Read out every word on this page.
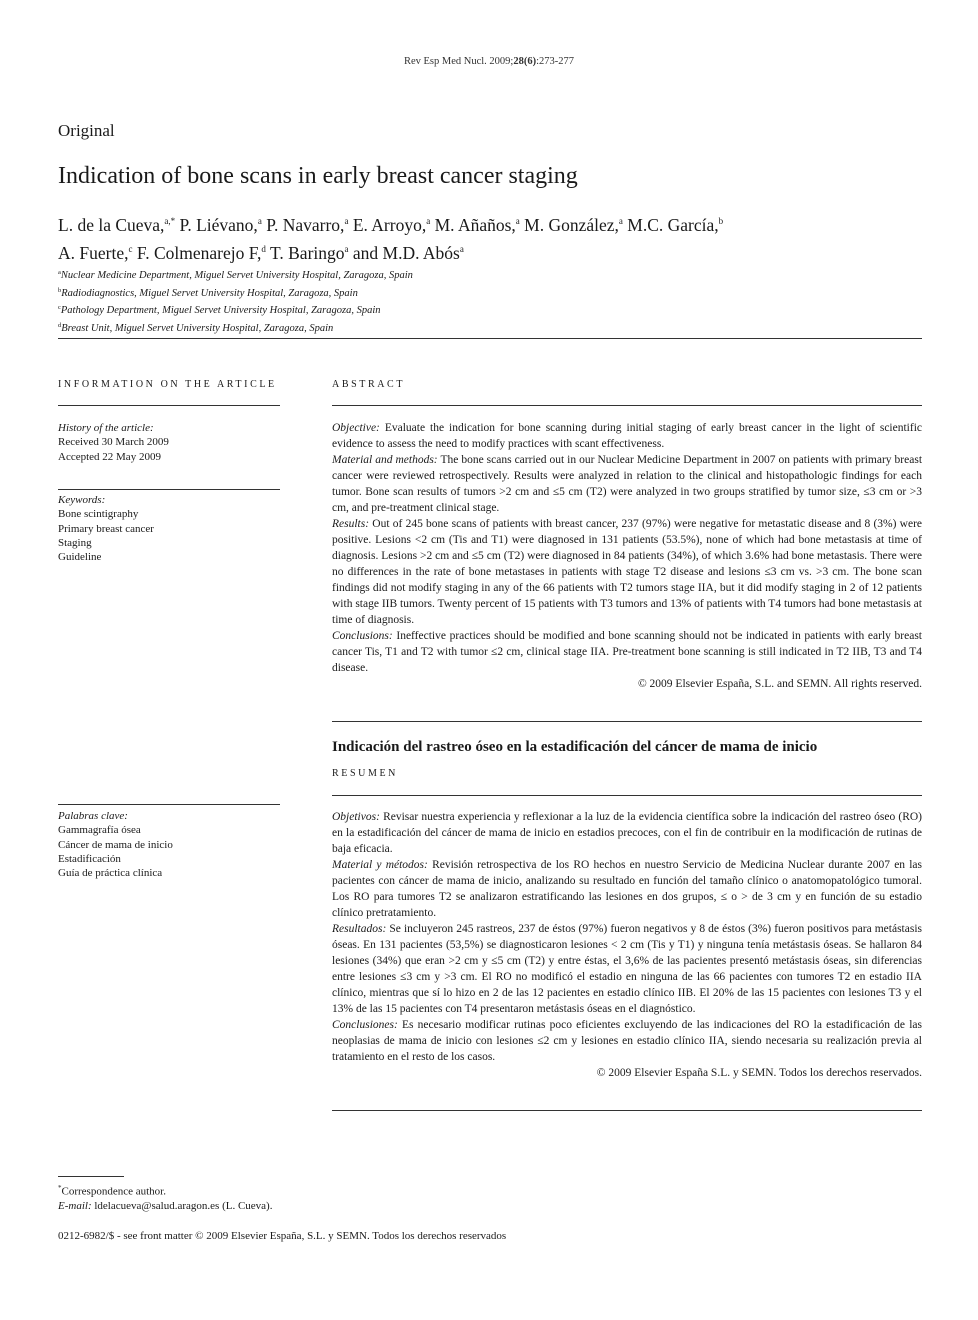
Rev Esp Med Nucl. 2009;28(6):273-277
Original
Indication of bone scans in early breast cancer staging
L. de la Cueva,$^{a,*}$ P. Liévano,$^a$ P. Navarro,$^a$ E. Arroyo,$^a$ M. Añaños,$^a$ M. González,$^a$ M.C. García,$^b$
A. Fuerte,$^c$ F. Colmenarejo F,$^d$ T. Baringo$^a$ and M.D. Abós$^a$
$^a$Nuclear Medicine Department, Miguel Servet University Hospital, Zaragoza, Spain
$^b$Radiodiagnostics, Miguel Servet University Hospital, Zaragoza, Spain
$^c$Pathology Department, Miguel Servet University Hospital, Zaragoza, Spain
$^d$Breast Unit, Miguel Servet University Hospital, Zaragoza, Spain
INFORMATION ON THE ARTICLE

History of the article:

Received 30 March 2009

Accepted 22 May 2009

Keywords:

Bone scintigraphy
Primary breast cancer
Staging
Guideline

Palabras clave:

Gammagrafía ósea
Cáncer de mama de inicio
Estadificación
Guía de práctica clínica
ABSTRACT

Objective: Evaluate the indication for bone scanning during initial staging of early breast cancer in the light of scientific evidence to assess the need to modify practices with scant effectiveness.

Material and methods: The bone scans carried out in our Nuclear Medicine Department in 2007 on patients with primary breast cancer were reviewed retrospectively. Results were analyzed in relation to the clinical and histopathologic findings for each tumor. Bone scan results of tumors >2 cm and ≤5 cm (T2) were analyzed in two groups stratified by tumor size, ≤3 cm or >3 cm, and pre-treatment clinical stage.

Results: Out of 245 bone scans of patients with breast cancer, 237 (97%) were negative for metastatic disease and 8 (3%) were positive. Lesions <2 cm (Tis and T1) were diagnosed in 131 patients (53.5%), none of which had bone metastasis at time of diagnosis. Lesions >2 cm and ≤5 cm (T2) were diagnosed in 84 patients (34%), of which 3.6% had bone metastasis. There were no differences in the rate of bone metastases in patients with stage T2 disease and lesions ≤3 cm vs. >3 cm. The bone scan findings did not modify staging in any of the 66 patients with T2 tumors stage IIA, but it did modify staging in 2 of 12 patients with stage IIB tumors. Twenty percent of 15 patients with T3 tumors and 13% of patients with T4 tumors had bone metastasis at time of diagnosis.

Conclusions: Ineffective practices should be modified and bone scanning should not be indicated in patients with early breast cancer Tis, T1 and T2 with tumor ≤2 cm, clinical stage IIA. Pre-treatment bone scanning is still indicated in T2 IIB, T3 and T4 disease.

© 2009 Elsevier España, S.L. and SEMN. All rights reserved.

Indicación del rastreo óseo en la estadificación del cáncer de mama de inicio
RESUMEN

Objetivos: Revisar nuestra experiencia y reflexionar a la luz de la evidencia científica sobre la indicación del rastreo óseo (RO) en la estadificación del cáncer de mama de inicio en estadios precoces, con el fin de contribuir en la modificación de rutinas de baja eficacia.

Material y métodos: Revisión retrospectiva de los RO hechos en nuestro Servicio de Medicina Nuclear durante 2007 en las pacientes con cáncer de mama de inicio, analizando su resultado en función del tamaño clínico o anatomopatológico tumoral. Los RO para tumores T2 se analizaron estratificando las lesiones en dos grupos, ≤ o > de 3 cm y en función de su estadio clínico pretratamiento.

Resultados: Se incluyeron 245 rastreos, 237 de éstos (97%) fueron negativos y 8 de éstos (3%) fueron positivos para metástasis óseas. En 131 pacientes (53,5%) se diagnosticaron lesiones < 2 cm (Tis y T1) y ninguna tenía metástasis óseas. Se hallaron 84 lesiones (34%) que eran >2 cm y ≤5 cm (T2) y entre éstas, el 3,6% de las pacientes presentó metástasis óseas, sin diferencias entre lesiones ≤3 cm y >3 cm. El RO no modificó el estadio en ninguna de las 66 pacientes con tumores T2 en estadio IIA clínico, mientras que sí lo hizo en 2 de las 12 pacientes en estadio clínico IIB. El 20% de las 15 pacientes con lesiones T3 y el 13% de las 15 pacientes con T4 presentaron metástasis óseas en el diagnóstico.

Conclusiones: Es necesario modificar rutinas poco eficientes excluyendo de las indicaciones del RO la estadificación de las neoplasias de mama de inicio con lesiones ≤2 cm y lesiones en estadio clínico IIA, siendo necesaria su realización previa al tratamiento en el resto de los casos.

© 2009 Elsevier España S.L. y SEMN. Todos los derechos reservados.

*Correspondence author.

E-mail: ldelacueva@salud.aragon.es (L. Cueva).

0212-6982/$ - see front matter © 2009 Elsevier España, S.L. y SEMN. Todos los derechos reservados
